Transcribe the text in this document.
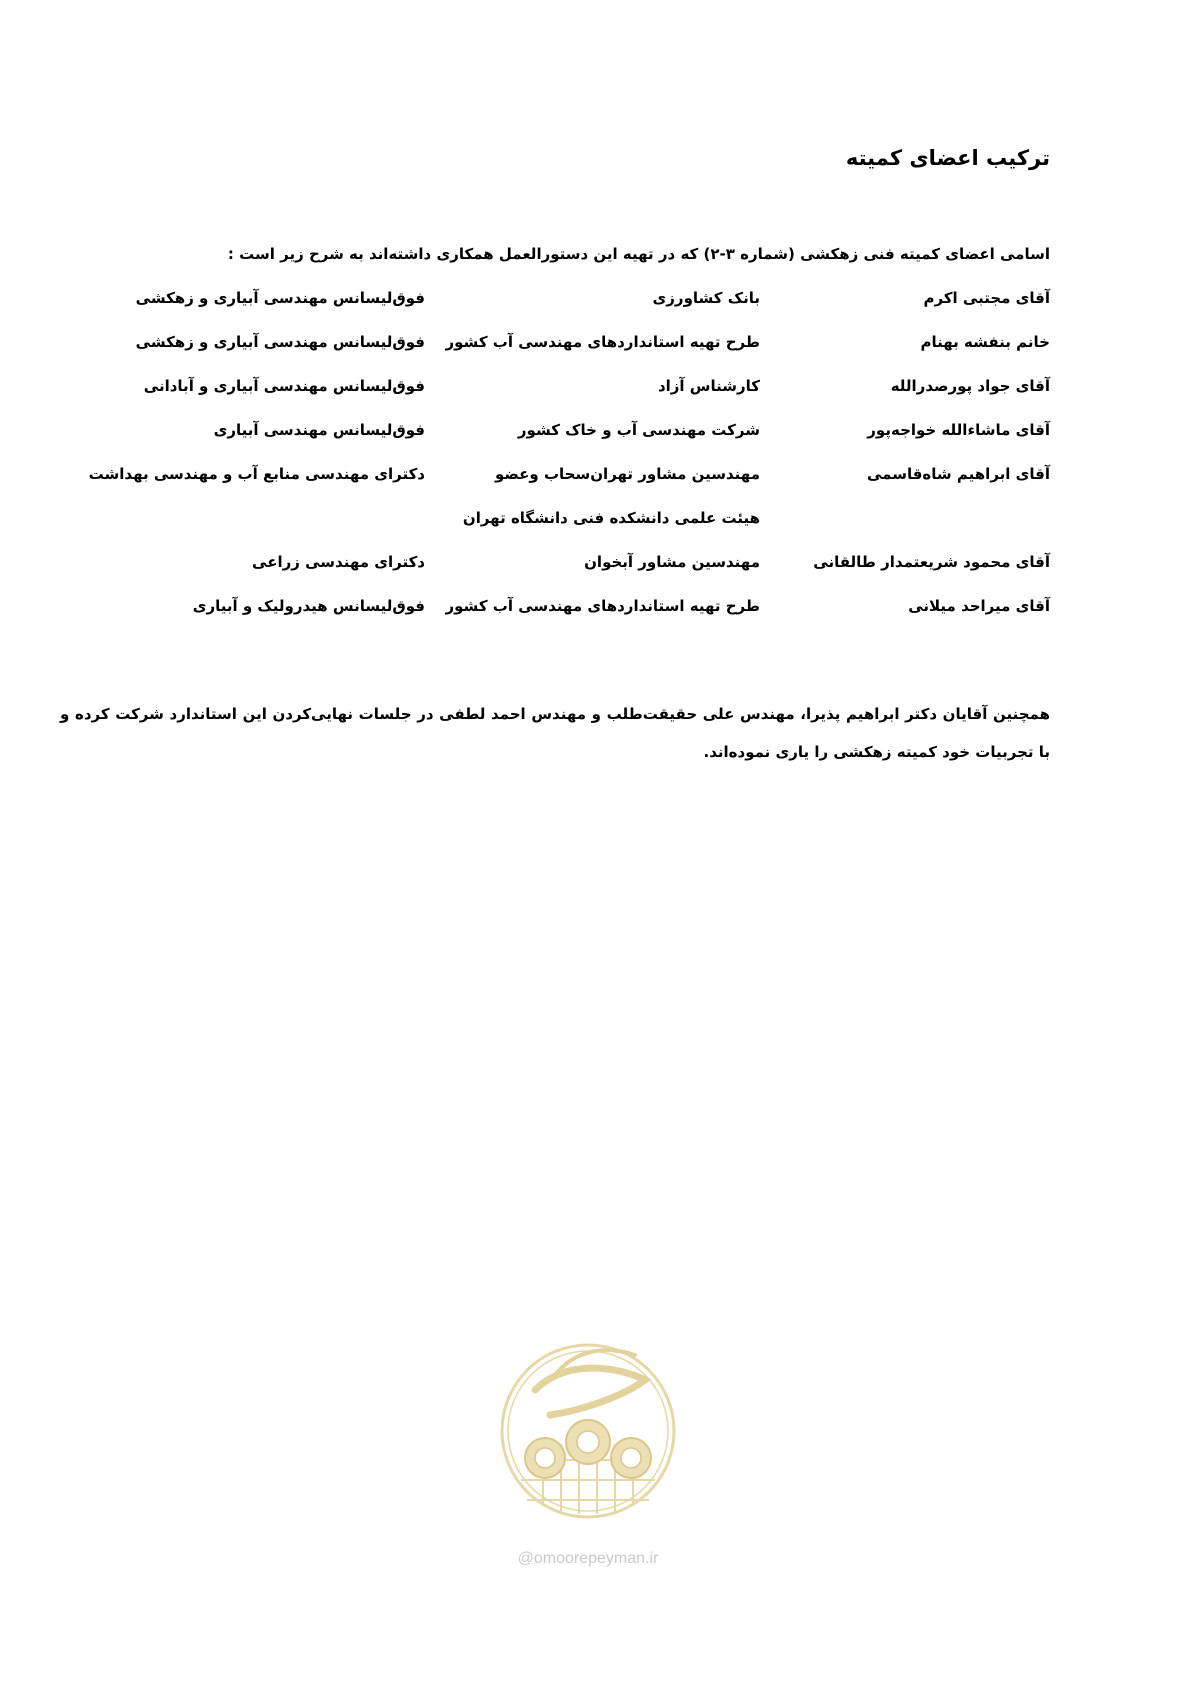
ترکیب اعضای کمیته
اسامی اعضای کمیته فنی زهکشی (شماره ۳-۲) که در تهیه این دستورالعمل همکاری داشته‌اند به شرح زیر است :
آقای مجتبی اکرم
بانک کشاورزی
فوق‌لیسانس مهندسی آبیاری و زهکشی
خانم بنفشه بهنام
طرح تهیه استانداردهای مهندسی آب کشور
فوق‌لیسانس مهندسی آبیاری و زهکشی
آقای جواد پورصدرالله
کارشناس آزاد
فوق‌لیسانس مهندسی آبیاری و آبادانی
آقای ماشاءالله خواجه‌پور
شرکت مهندسی آب و خاک کشور
فوق‌لیسانس مهندسی آبیاری
آقای ابراهیم شاه‌قاسمی
مهندسین مشاور تهران‌سحاب وعضو
دکترای مهندسی منابع آب و مهندسی بهداشت
هیئت علمی دانشکده فنی دانشگاه تهران
آقای محمود شریعتمدار طالقانی
مهندسین مشاور آبخوان
دکترای مهندسی زراعی
آقای میراحد میلانی
طرح تهیه استانداردهای مهندسی آب کشور
فوق‌لیسانس هیدرولیک و آبیاری
همچنین آقایان دکتر ابراهیم پذیرا، مهندس علی حقیقت‌طلب و مهندس احمد لطفی در جلسات نهایی‌کردن این استاندارد شرکت کرده و با تجربیات خود کمیته زهکشی را یاری نموده‌اند.
@omoorepeyman.ir
